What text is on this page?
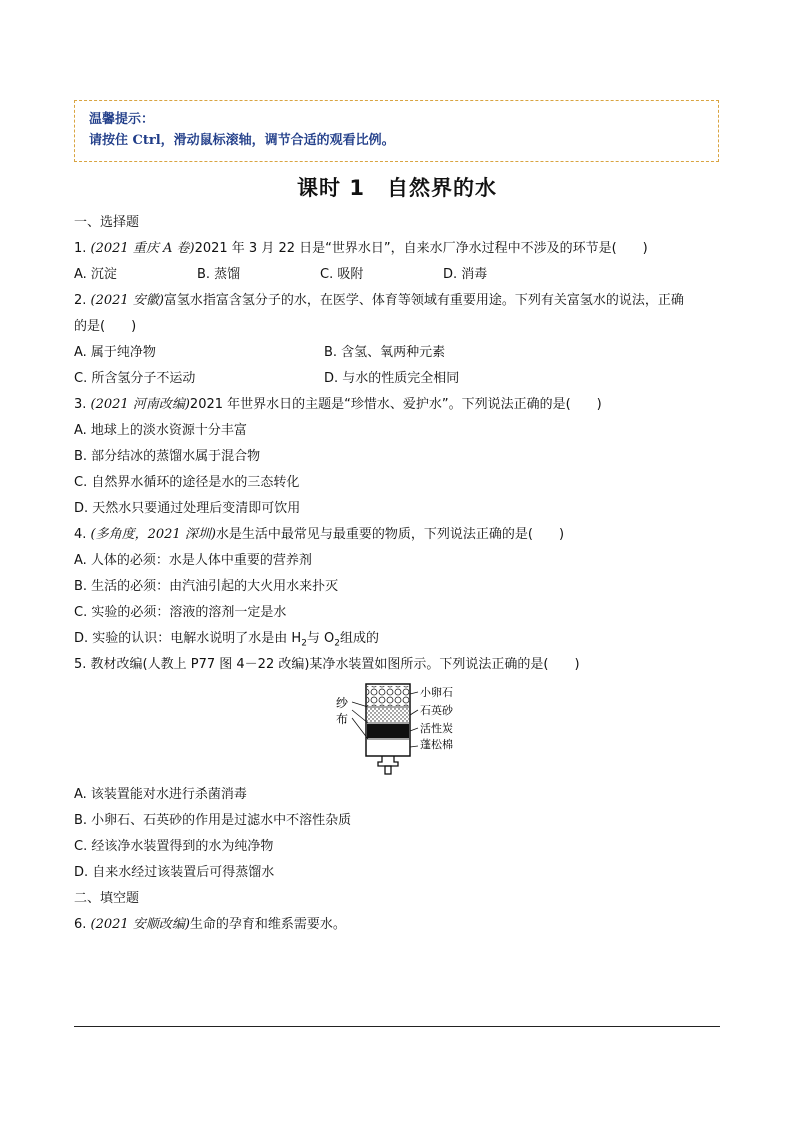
温馨提示：
请按住 Ctrl，滑动鼠标滚轴，调节合适的观看比例。
课时 1　自然界的水
一、选择题
1. (2021 重庆 A 卷)2021 年 3 月 22 日是“世界水日”，自来水厂净水过程中不涉及的环节是(　　)
A. 沉淀	B. 蒸馏	C. 吸附	D. 消毒
2. (2021 安徽)富氢水指富含氢分子的水，在医学、体育等领域有重要用途。下列有关富氢水的说法，正确
的是(　　)
A. 属于纯净物	B. 含氢、氧两种元素
C. 所含氢分子不运动	D. 与水的性质完全相同
3. (2021 河南改编)2021 年世界水日的主题是“珍惜水、爱护水”。下列说法正确的是(　　)
A. 地球上的淡水资源十分丰富
B. 部分结冰的蒸馏水属于混合物
C. 自然界水循环的途径是水的三态转化
D. 天然水只要通过处理后变清即可饮用
4. (多角度，2021 深圳)水是生活中最常见与最重要的物质，下列说法正确的是(　　)
A. 人体的必须：水是人体中重要的营养剂
B. 生活的必须：由汽油引起的大火用水来扑灭
C. 实验的必须：溶液的溶剂一定是水
D. 实验的认识：电解水说明了水是由 $H_2$与 $O_2$组成的
5. 教材改编(人教上 P77 图 4－22 改编)某净水装置如图所示。下列说法正确的是(　　)
A. 该装置能对水进行杀菌消毒
B. 小卵石、石英砂的作用是过滤水中不溶性杂质
C. 经该净水装置得到的水为纯净物
D. 自来水经过该装置后可得蒸馏水
二、填空题
6. (2021 安顺改编)生命的孕育和维系需要水。
纱
布
小卵石
石英砂
活性炭
蓬松棉
